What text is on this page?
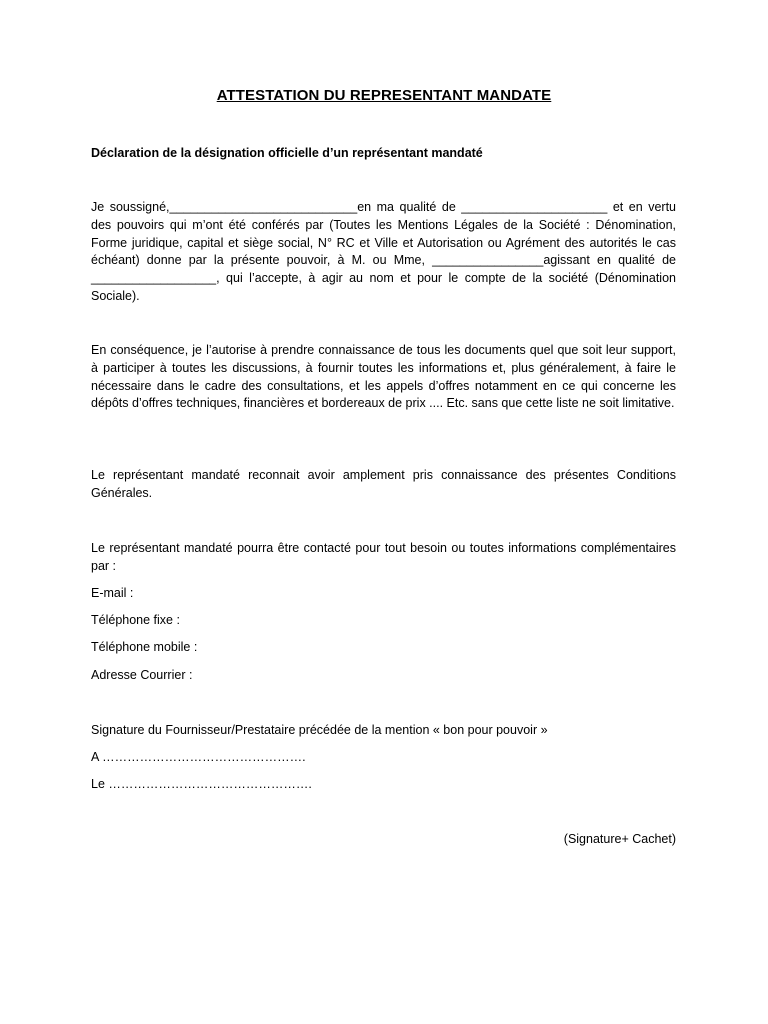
ATTESTATION DU REPRESENTANT MANDATE
Déclaration de la désignation officielle d’un représentant mandaté
Je soussigné,___________________________en ma qualité de _____________________ et en vertu des pouvoirs qui m’ont été conférés par (Toutes les Mentions Légales de la Société : Dénomination, Forme juridique, capital et siège social, N° RC et Ville et Autorisation ou Agrément des autorités le cas échéant) donne par la présente pouvoir, à M. ou Mme, ________________agissant en qualité de __________________, qui l’accepte, à agir au nom et pour le compte de la société (Dénomination Sociale).
En conséquence, je l’autorise à prendre connaissance de tous les documents quel que soit leur support, à participer à toutes les discussions, à fournir toutes les informations et, plus généralement, à faire le nécessaire dans le cadre des consultations, et les appels d’offres notamment en ce qui concerne les dépôts d’offres techniques, financières et bordereaux de prix .... Etc. sans que cette liste ne soit limitative.
Le représentant mandaté reconnait avoir amplement pris connaissance des présentes Conditions Générales.
Le représentant mandaté pourra être contacté pour tout besoin ou toutes informations complémentaires par :
E-mail :
Téléphone fixe :
Téléphone mobile :
Adresse Courrier :
Signature du Fournisseur/Prestataire précédée de la mention « bon pour pouvoir »
A ………………………………………….
Le ………………………………………….
(Signature+ Cachet)
